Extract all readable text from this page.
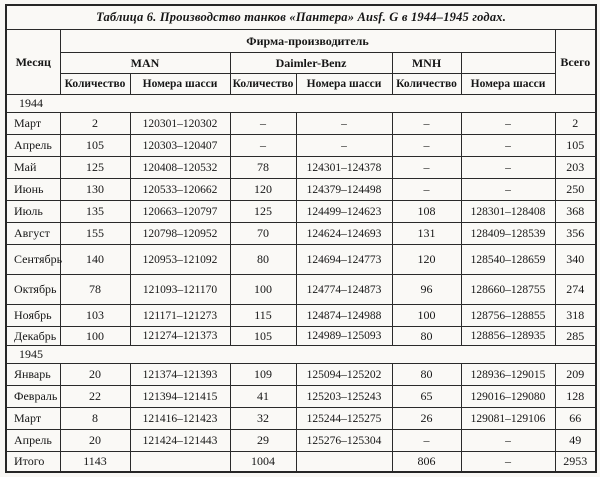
Таблица 6. Производство танков «Пантера» Ausf. G в 1944–1945 годах.							
Месяц	Фирма-производитель						Всего
	MAN		Daimler-Benz		MNH		
	Количество	Номера шасси	Количество	Номера шасси	Количество	Номера шасси	
1944							
Март	2	120301–120302	–	–	–	–	2
Апрель	105	120303–120407	–	–	–	–	105
Май	125	120408–120532	78	124301–124378	–	–	203
Июнь	130	120533–120662	120	124379–124498	–	–	250
Июль	135	120663–120797	125	124499–124623	108	128301–128408	368
Август	155	120798–120952	70	124624–124693	131	128409–128539	356
Сентябрь	140	120953–121092	80	124694–124773	120	128540–128659	340
Октябрь	78	121093–121170	100	124774–124873	96	128660–128755	274
Ноябрь	103	121171–121273	115	124874–124988	100	128756–128855	318
Декабрь	100	121274–121373	105	124989–125093	80	128856–128935	285
1945							
Январь	20	121374–121393	109	125094–125202	80	128936–129015	209
Февраль	22	121394–121415	41	125203–125243	65	129016–129080	128
Март	8	121416–121423	32	125244–125275	26	129081–129106	66
Апрель	20	121424–121443	29	125276–125304	–	–	49
Итого	1143		1004		806	–	2953
